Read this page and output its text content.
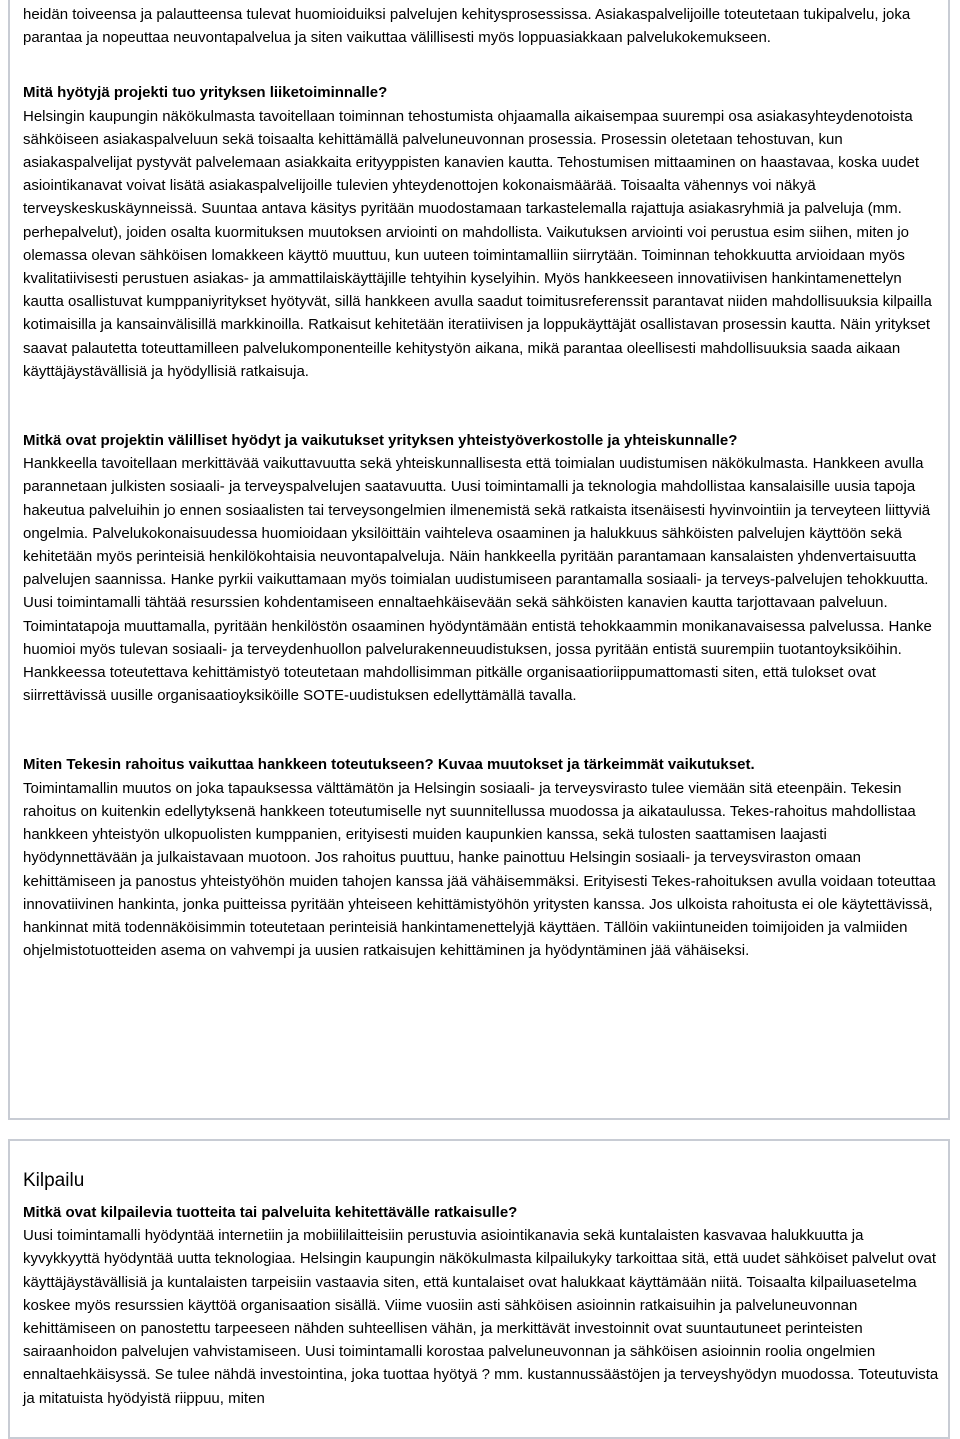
heidän toiveensa ja palautteensa tulevat huomioiduiksi palvelujen kehitysprosessissa. Asiakaspalvelijoille toteutetaan tukipalvelu, joka parantaa ja nopeuttaa neuvontapalvelua ja siten vaikuttaa välillisesti myös loppuasiakkaan palvelukokemukseen.

Mitä hyötyjä projekti tuo yrityksen liiketoiminnalle?

Helsingin kaupungin näkökulmasta tavoitellaan toiminnan tehostumista ohjaamalla aikaisempaa suurempi osa asiakasyhteydenotoista sähköiseen asiakaspalveluun sekä toisaalta kehittämällä palveluneuvonnan prosessia. Prosessin oletetaan tehostuvan, kun asiakaspalvelijat pystyvät palvelemaan asiakkaita erityyppisten kanavien kautta. Tehostumisen mittaaminen on haastavaa, koska uudet asiointikanavat voivat lisätä asiakaspalvelijoille tulevien yhteydenottojen kokonaismäärää. Toisaalta vähennys voi näkyä terveyskeskuskäynneissä. Suuntaa antava käsitys pyritään muodostamaan tarkastelemalla rajattuja asiakasryhmiä ja palveluja (mm. perhepalvelut), joiden osalta kuormituksen muutoksen arviointi on mahdollista. Vaikutuksen arviointi voi perustua esim siihen, miten jo olemassa olevan sähköisen lomakkeen käyttö muuttuu, kun uuteen toimintamalliin siirrytään. Toiminnan tehokkuutta arvioidaan myös kvalitatiivisesti perustuen asiakas- ja ammattilaiskäyttäjille tehtyihin kyselyihin. Myös hankkeeseen innovatiivisen hankintamenettelyn kautta osallistuvat kumppaniyritykset hyötyvät, sillä hankkeen avulla saadut toimitusreferenssit parantavat niiden mahdollisuuksia kilpailla kotimaisilla ja kansainvälisillä markkinoilla. Ratkaisut kehitetään iteratiivisen ja loppukäyttäjät osallistavan prosessin kautta. Näin yritykset saavat palautetta toteuttamilleen palvelukomponenteille kehitystyön aikana, mikä parantaa oleellisesti mahdollisuuksia saada aikaan käyttäjäystävällisiä ja hyödyllisiä ratkaisuja.

Mitkä ovat projektin välilliset hyödyt ja vaikutukset yrityksen yhteistyöverkostolle ja yhteiskunnalle?

Hankkeella tavoitellaan merkittävää vaikuttavuutta sekä yhteiskunnallisesta että toimialan uudistumisen näkökulmasta. Hankkeen avulla parannetaan julkisten sosiaali- ja terveyspalvelujen saatavuutta. Uusi toimintamalli ja teknologia mahdollistaa kansalaisille uusia tapoja hakeutua palveluihin jo ennen sosiaalisten tai terveysongelmien ilmenemistä sekä ratkaista itsenäisesti hyvinvointiin ja terveyteen liittyviä ongelmia. Palvelukokonaisuudessa huomioidaan yksilöittäin vaihteleva osaaminen ja halukkuus sähköisten palvelujen käyttöön sekä kehitetään myös perinteisiä henkilökohtaisia neuvontapalveluja. Näin hankkeella pyritään parantamaan kansalaisten yhdenvertaisuutta palvelujen saannissa. Hanke pyrkii vaikuttamaan myös toimialan uudistumiseen parantamalla sosiaali- ja terveys-palvelujen tehokkuutta. Uusi toimintamalli tähtää resurssien kohdentamiseen ennaltaehkäisevään sekä sähköisten kanavien kautta tarjottavaan palveluun. Toimintatapoja muuttamalla, pyritään henkilöstön osaaminen hyödyntämään entistä tehokkaammin monikanavaisessa palvelussa. Hanke huomioi myös tulevan sosiaali- ja terveydenhuollon palvelurakenneuudistuksen, jossa pyritään entistä suurempiin tuotantoyksiköihin. Hankkeessa toteutettava kehittämistyö toteutetaan mahdollisimman pitkälle organisaatioriippumattomasti siten, että tulokset ovat siirrettävissä uusille organisaatioyksiköille SOTE-uudistuksen edellyttämällä tavalla.

Miten Tekesin rahoitus vaikuttaa hankkeen toteutukseen? Kuvaa muutokset ja tärkeimmät vaikutukset.

Toimintamallin muutos on joka tapauksessa välttämätön ja Helsingin sosiaali- ja terveysvirasto tulee viemään sitä eteenpäin. Tekesin rahoitus on kuitenkin edellytyksenä hankkeen toteutumiselle nyt suunnitellussa muodossa ja aikataulussa. Tekes-rahoitus mahdollistaa hankkeen yhteistyön ulkopuolisten kumppanien, erityisesti muiden kaupunkien kanssa, sekä tulosten saattamisen laajasti hyödynnettävään ja julkaistavaan muotoon. Jos rahoitus puuttuu, hanke painottuu Helsingin sosiaali- ja terveysviraston omaan kehittämiseen ja panostus yhteistyöhön muiden tahojen kanssa jää vähäisemmäksi. Erityisesti Tekes-rahoituksen avulla voidaan toteuttaa innovatiivinen hankinta, jonka puitteissa pyritään yhteiseen kehittämistyöhön yritysten kanssa. Jos ulkoista rahoitusta ei ole käytettävissä, hankinnat mitä todennäköisimmin toteutetaan perinteisiä hankintamenettelyjä käyttäen. Tällöin vakiintuneiden toimijoiden ja valmiiden ohjelmistotuotteiden asema on vahvempi ja uusien ratkaisujen kehittäminen ja hyödyntäminen jää vähäiseksi.

Kilpailu
Mitkä ovat kilpailevia tuotteita tai palveluita kehitettävälle ratkaisulle?

Uusi toimintamalli hyödyntää internetiin ja mobiililaitteisiin perustuvia asiointikanavia sekä kuntalaisten kasvavaa halukkuutta ja kyvykkyyttä hyödyntää uutta teknologiaa. Helsingin kaupungin näkökulmasta kilpailukyky tarkoittaa sitä, että uudet sähköiset palvelut ovat käyttäjäystävällisiä ja kuntalaisten tarpeisiin vastaavia siten, että kuntalaiset ovat halukkaat käyttämään niitä. Toisaalta kilpailuasetelma koskee myös resurssien käyttöä organisaation sisällä. Viime vuosiin asti sähköisen asioinnin ratkaisuihin ja palveluneuvonnan kehittämiseen on panostettu tarpeeseen nähden suhteellisen vähän, ja merkittävät investoinnit ovat suuntautuneet perinteisten sairaanhoidon palvelujen vahvistamiseen. Uusi toimintamalli korostaa palveluneuvonnan ja sähköisen asioinnin roolia ongelmien ennaltaehkäisyssä. Se tulee nähdä investointina, joka tuottaa hyötyä ? mm. kustannussäästöjen ja terveyshyödyn muodossa. Toteutuvista ja mitatuista hyödyistä riippuu, miten
